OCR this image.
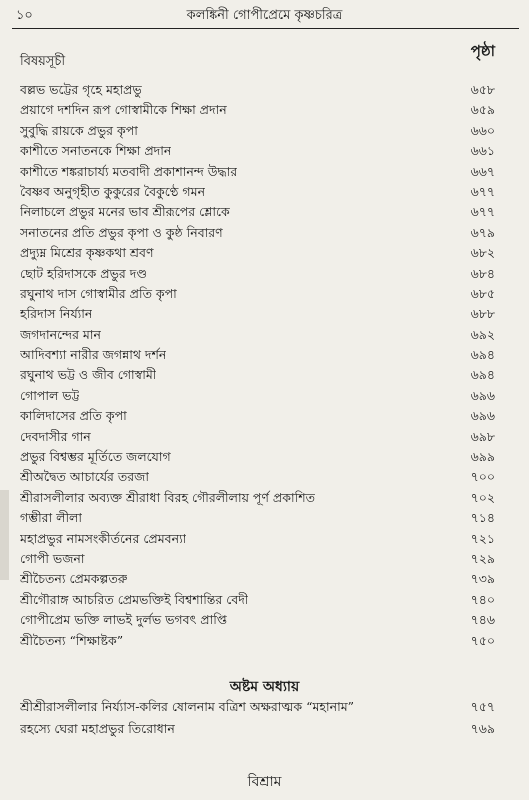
১০	কলঙ্কিনী গোপীপ্রেমে কৃষ্ণচরিত্র
বিষয়সূচী
পৃষ্ঠা
বল্লভ ভট্টের গৃহে মহাপ্রভু	৬৫৮
প্রয়াগে দশদিন রূপ গোস্বামীকে শিক্ষা প্রদান	৬৫৯
সুবুদ্ধি রায়কে প্রভুর কৃপা	৬৬০
কাশীতে সনাতনকে শিক্ষা প্রদান	৬৬১
কাশীতে শঙ্করাচার্য্য মতবাদী প্রকাশানন্দ উদ্ধার	৬৬৭
বৈষ্ণব অনুগৃহীত কুকুরের বৈকুণ্ঠে গমন	৬৭৭
নিলাচলে প্রভুর মনের ভাব শ্রীরূপের শ্লোকে	৬৭৭
সনাতনের প্রতি প্রভুর কৃপা ও কুষ্ঠ নিবারণ	৬৭৯
প্রদ্যুম্ন মিশ্রের কৃষ্ণকথা শ্রবণ	৬৮২
ছোট হরিদাসকে প্রভুর দণ্ড	৬৮৪
রঘুনাথ দাস গোস্বামীর প্রতি কৃপা	৬৮৫
হরিদাস নির্য্যান	৬৮৮
জগদানন্দের মান	৬৯২
আদিবশ্যা নারীর জগন্নাথ দর্শন	৬৯৪
রঘুনাথ ভট্ট ও জীব গোস্বামী	৬৯৪
গোপাল ভট্ট	৬৯৬
কালিদাসের প্রতি কৃপা	৬৯৬
দেবদাসীর গান	৬৯৮
প্রভুর বিশ্বম্ভর মূর্তিতে জলযোগ	৬৯৯
শ্রীঅদ্বৈত আচার্যের তরজা	৭০০
শ্রীরাসলীলার অব্যক্ত শ্রীরাধা বিরহ গৌরলীলায় পূর্ণ প্রকাশিত	৭০২
গম্ভীরা লীলা	৭১৪
মহাপ্রভুর নামসংকীর্তনের প্রেমবন্যা	৭২১
গোপী ভজনা	৭২৯
শ্রীচৈতন্য প্রেমকল্পতরু	৭৩৯
শ্রীগৌরাঙ্গ আচরিত প্রেমভক্তিই বিশ্বশান্তির বেদী	৭৪০
গোপীপ্রেম ভক্তি লাভই দুর্লভ ভগবৎ প্রাপ্তি	৭৪৬
শ্রীচৈতন্য “শিক্ষাষ্টক”	৭৫০
অষ্টম অধ্যায়
শ্রীশ্রীরাসলীলার নির্য্যাস-কলির ষোলনাম বত্রিশ অক্ষরাত্মক “মহানাম”	৭৫৭
রহস্যে ঘেরা মহাপ্রভুর তিরোধান	৭৬৯
বিশ্রাম
